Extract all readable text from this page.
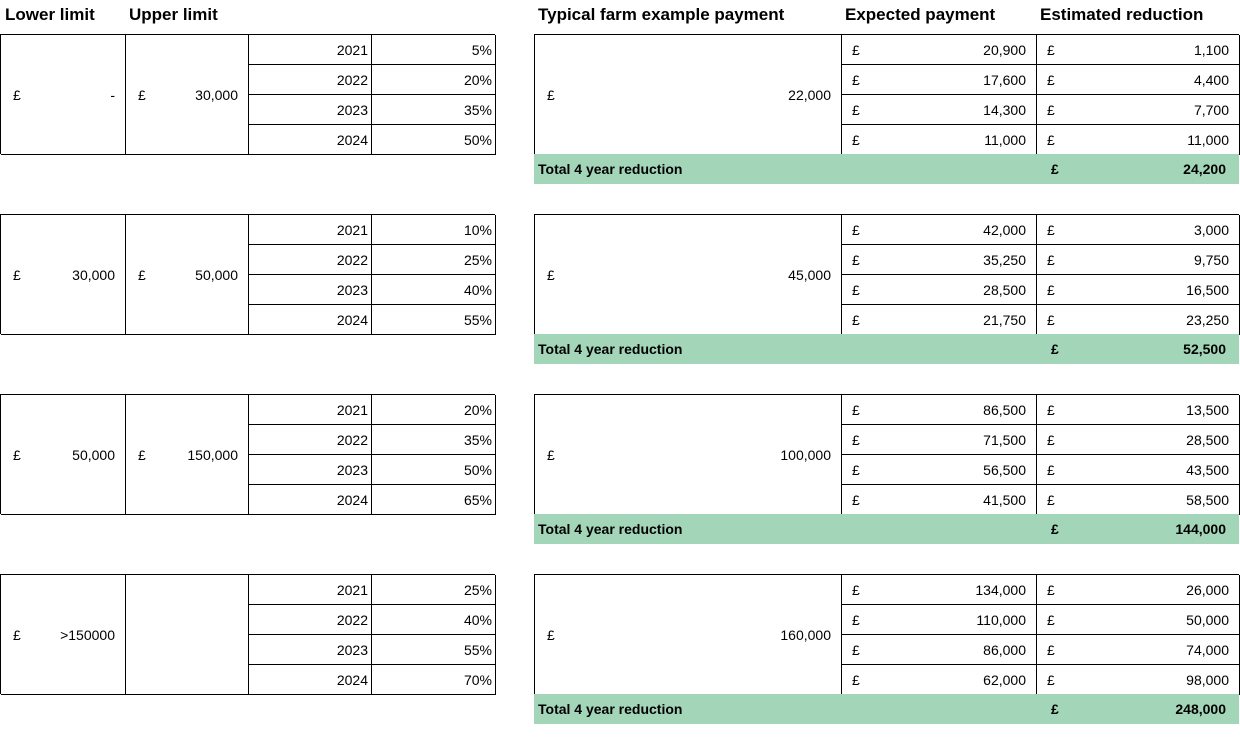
Lower limit Upper limit	Typical farm example payment	Expected payment	Estimated reduction
£	- £	30,000
2021	5%
2022	20%
2023	35%
2024	50%
£	22,000
£	20,900 £	1,100
£	17,600 £	4,400
£	14,300 £	7,700
£	11,000 £	11,000
Total 4 year reduction	£	24,200
£	30,000 £	50,000
2021	10%
2022	25%
2023	40%
2024	55%
£	45,000
£	42,000 £	3,000
£	35,250 £	9,750
£	28,500 £	16,500
£	21,750 £	23,250
Total 4 year reduction	£	52,500
£	50,000 £	150,000
2021	20%
2022	35%
2023	50%
2024	65%
£	100,000
£	86,500 £	13,500
£	71,500 £	28,500
£	56,500 £	43,500
£	41,500 £	58,500
Total 4 year reduction	£	144,000
£	>150000
2021	25%
2022	40%
2023	55%
2024	70%
£	160,000
£	134,000 £	26,000
£	110,000 £	50,000
£	86,000 £	74,000
£	62,000 £	98,000
Total 4 year reduction	£	248,000
